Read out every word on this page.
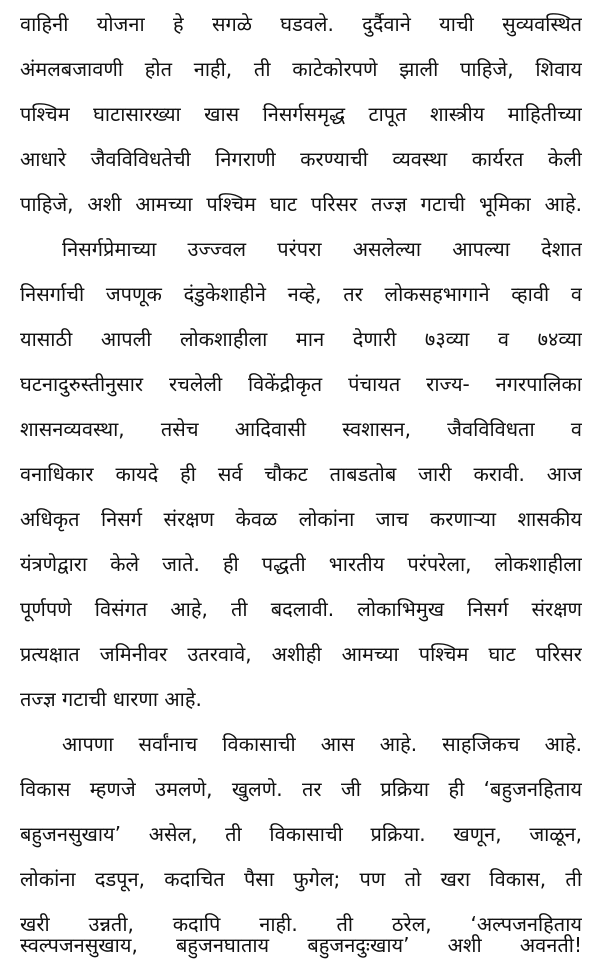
वाहिनी योजना हे सगळे घडवले. दुर्दैवाने याची सुव्यवस्थित
अंमलबजावणी होत नाही, ती काटेकोरपणे झाली पाहिजे, शिवाय
पश्चिम घाटासारख्या खास निसर्गसमृद्ध टापूत शास्त्रीय माहितीच्या
आधारे जैवविविधतेची निगराणी करण्याची व्यवस्था कार्यरत केली
पाहिजे, अशी आमच्या पश्चिम घाट परिसर तज्ज्ञ गटाची भूमिका आहे.
निसर्गप्रेमाच्या उज्ज्वल परंपरा असलेल्या आपल्या देशात
निसर्गाची जपणूक दंडुकेशाहीने नव्हे, तर लोकसहभागाने व्हावी व
यासाठी आपली लोकशाहीला मान देणारी ७३व्या व ७४व्या
घटनादुरुस्तीनुसार रचलेली विकेंद्रीकृत पंचायत राज्य- नगरपालिका
शासनव्यवस्था, तसेच आदिवासी स्वशासन, जैवविविधता व
वनाधिकार कायदे ही सर्व चौकट ताबडतोब जारी करावी. आज
अधिकृत निसर्ग संरक्षण केवळ लोकांना जाच करणाऱ्या शासकीय
यंत्रणेद्वारा केले जाते. ही पद्धती भारतीय परंपरेला, लोकशाहीला
पूर्णपणे विसंगत आहे, ती बदलावी. लोकाभिमुख निसर्ग संरक्षण
प्रत्यक्षात जमिनीवर उतरवावे, अशीही आमच्या पश्चिम घाट परिसर
तज्ज्ञ गटाची धारणा आहे.
आपणा सर्वांनाच विकासाची आस आहे. साहजिकच आहे.
विकास म्हणजे उमलणे, खुलणे. तर जी प्रक्रिया ही ‘बहुजनहिताय
बहुजनसुखाय’ असेल, ती विकासाची प्रक्रिया. खणून, जाळून,
लोकांना दडपून, कदाचित पैसा फुगेल; पण तो खरा विकास, ती
खरी उन्नती, कदापि नाही. ती ठरेल, ‘अल्पजनहिताय
स्वल्पजनसुखाय, बहुजनघाताय बहुजनदुःखाय’ अशी अवनती!
